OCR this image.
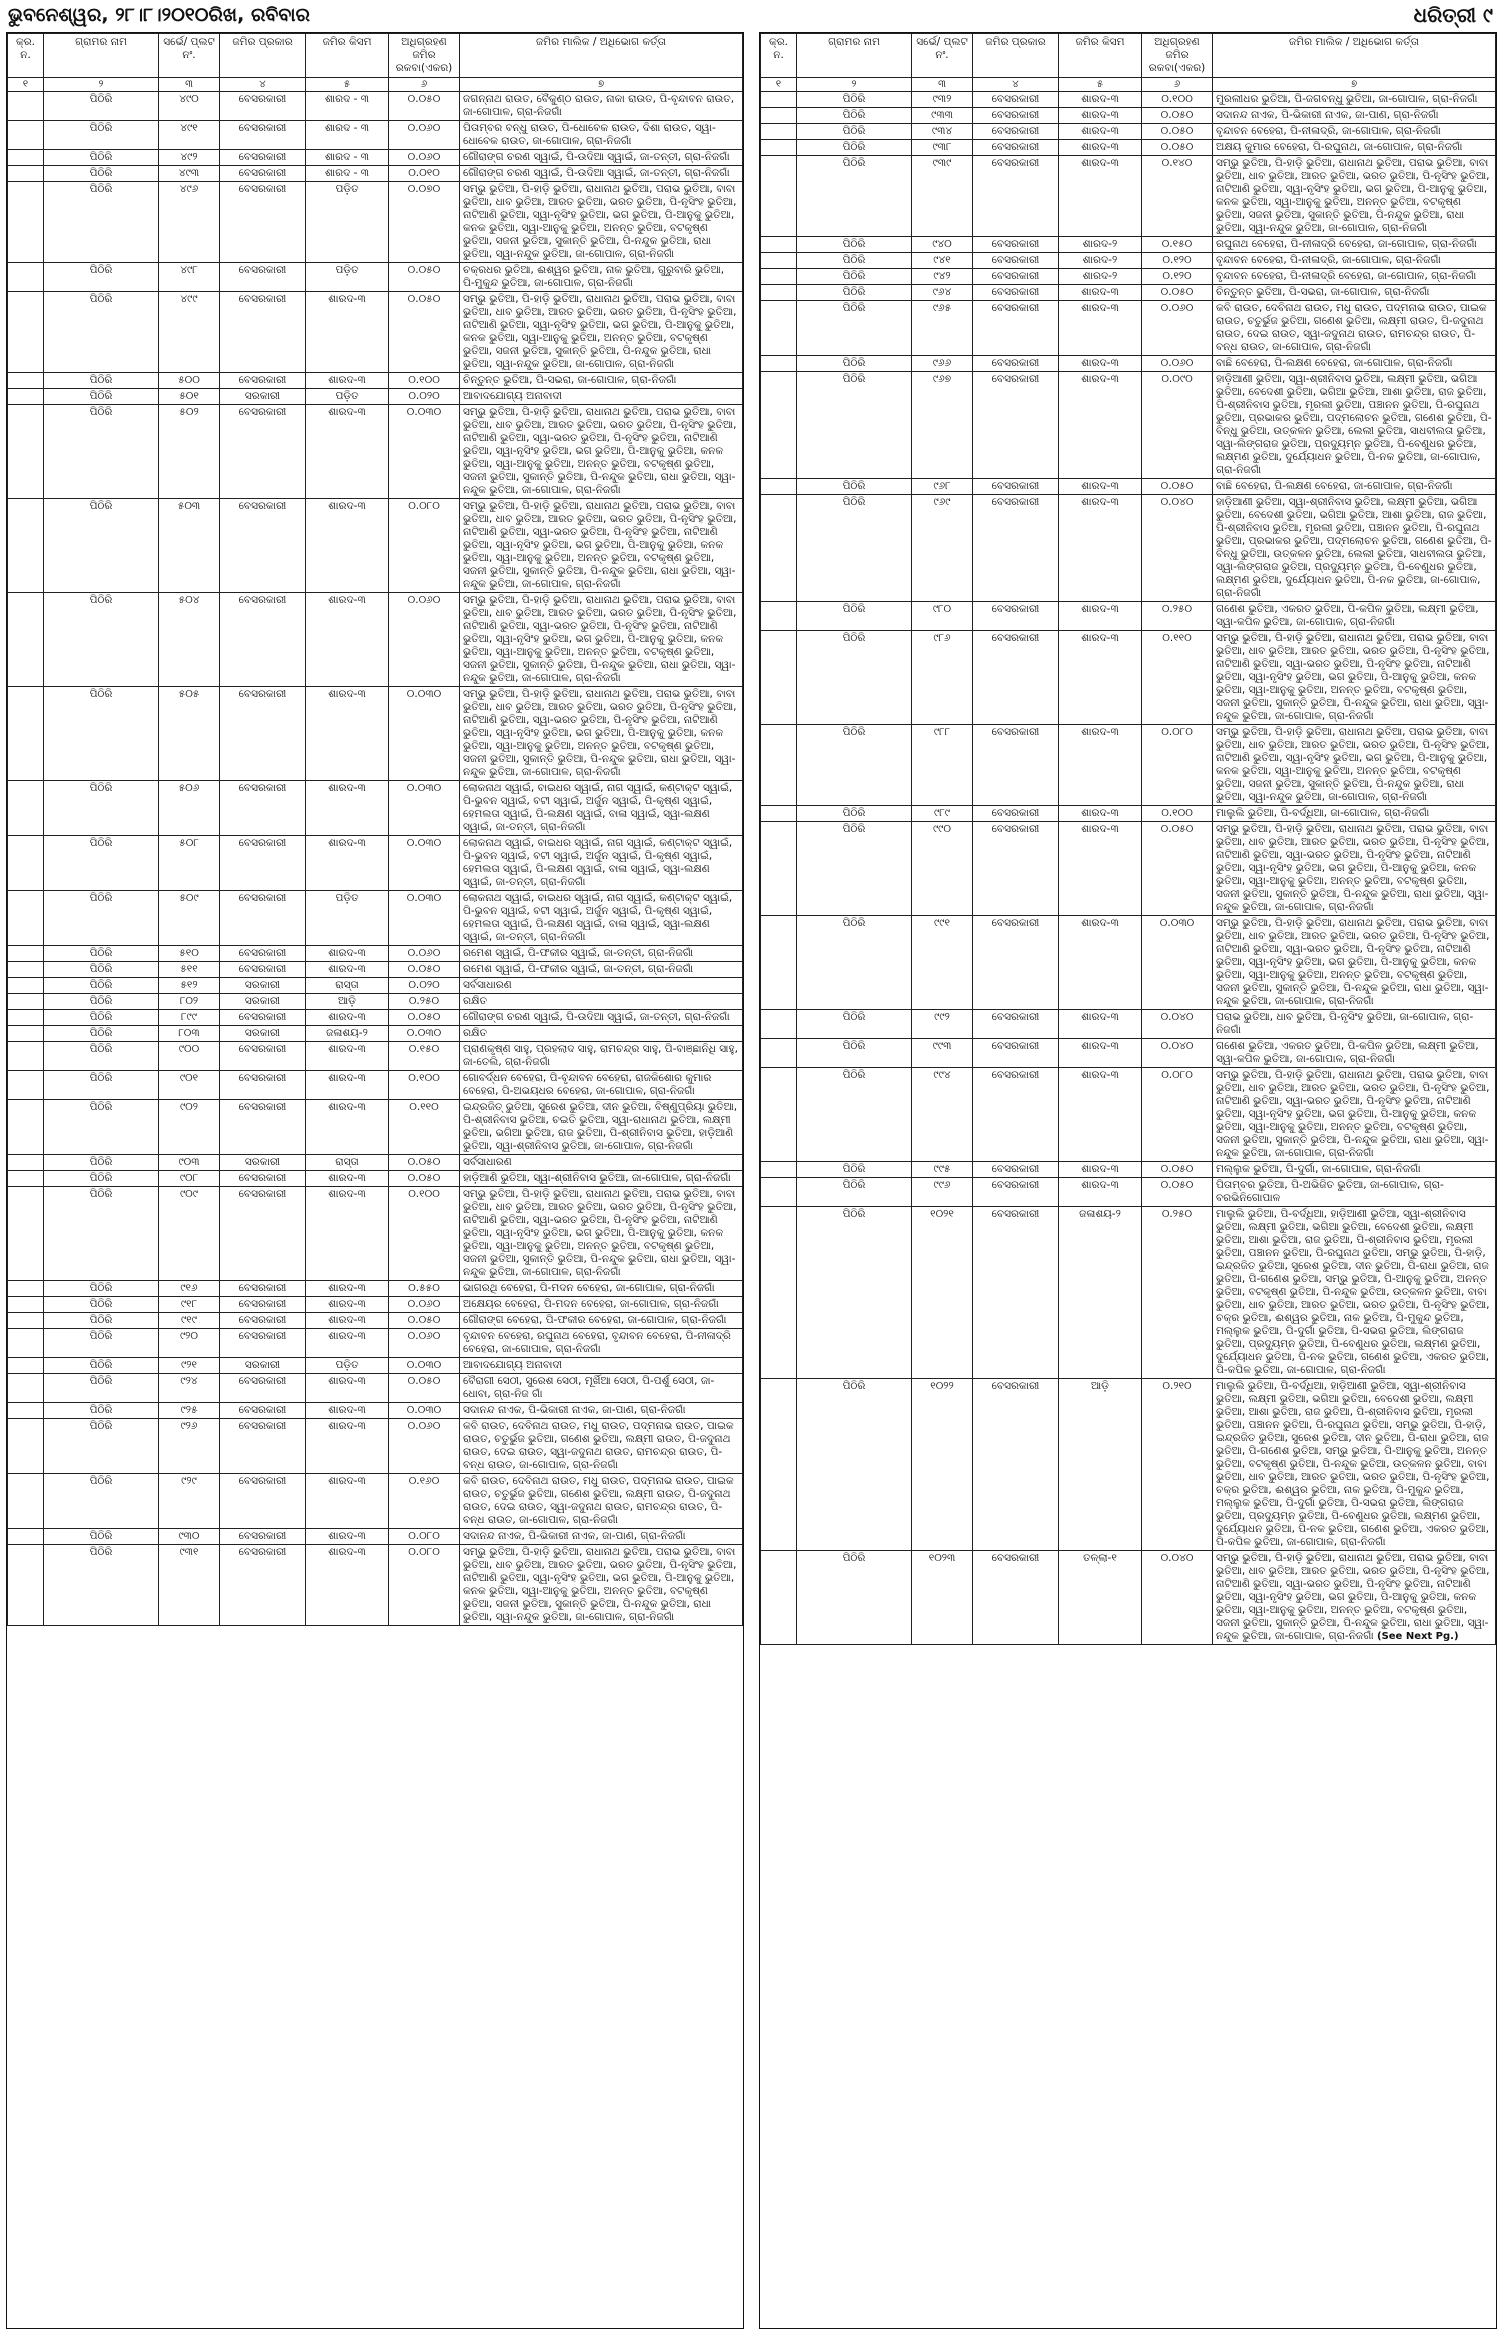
ଭୁବନେଶ୍ୱର, ୨୮।୮।୨୦୧୦ରିଖ, ରବିବାର	ଧରିତ୍ରୀ ୯
କ୍ର. ନ.	ଗ୍ରାମର ନାମ	ସର୍ଭେ/ ପ୍ଲଟ ନଂ.	ଜମିର ପ୍ରକାର	ଜମିର କିସମ	ଅଧିଗ୍ରହଣ ଜମିର ରକବା(ଏକର)	ଜମିର ମାଲିକ / ଅଧିଭୋଗ କର୍ତ୍ତା
୧	୨	୩	୪	୫	୬	୭
	ପିଠିରି	୪୯୦	ବେସରକାରୀ	ଶାରଦ - ୩	୦.୦୫୦	ଜଗନ୍ନାଥ ରାଉତ, ବୈକୁଣ୍ଠ ରାଉତ, ନାକା ରାଉତ, ପି-ବୃନ୍ଦାବନ ରାଉତ, ଜା-ଗୋପାଳ, ଗ୍ରା-ନିଜଗାଁ
	ପିଠିରି	୪୯୧	ବେସରକାରୀ	ଶାରଦ - ୩	୦.୦୬୦	ପିତାମ୍ବର ବନ୍ଧୁ ରାଉତ, ପି-ଧୋବେକ ରାଉତ, ଦିଶା ରାଉତ, ସ୍ୱା-ଧୋବେକ ରାଉତ, ଜା-ଗୋପାଳ, ଗ୍ରା-ନିଜଗାଁ
	ପିଠିରି	୪୯୨	ବେସରକାରୀ	ଶାରଦ - ୩	୦.୦୬୦	ଗୌରାଙ୍ଗ ଚରଣ ସ୍ୱାଇଁ, ପି-ଉଦିଆ ସ୍ୱାଇଁ, ଜା-ତନ୍ତୀ, ଗ୍ରା-ନିଜଗାଁ
	ପିଠିରି	୪୯୩	ବେସରକାରୀ	ଶାରଦ - ୩	୦.୦୧୦	ଗୌରାଙ୍ଗ ଚରଣ ସ୍ୱାଇଁ, ପି-ଉଦିଆ ସ୍ୱାଇଁ, ଜା-ତନ୍ତୀ, ଗ୍ରା-ନିଜଗାଁ
	ପିଠିରି	୪୯୬	ବେସରକାରୀ	ପଡ଼ିତ	୦.୦୭୦	ସମ୍ଭୁ ଭୁତିଆ, ପି-ହାଡ଼ି ଭୁତିଆ, ରାଧାନାଥ ଭୁତିଆ, ପରାଭ ଭୁତିଆ, ବାବା ଭୁତିଆ, ଧାବ ଭୁତିଆ, ଆରତ ଭୁତିଆ, ଭରତ ଭୁତିଆ, ପି-ନୃସିଂହ ଭୁତିଆ, ନାଟିଆଣି ଭୁତିଆ, ସ୍ୱା-ନୃସିଂହ ଭୁତିଆ, ଭଗ ଭୁତିଆ, ପି-ଆନୁକୁ ଭୁତିଆ, କନକ ଭୁତିଆ, ସ୍ୱା-ଆନୁକୁ ଭୁତିଆ, ଅନନ୍ତ ଭୁତିଆ, ବଟକୃଷ୍ଣ ଭୁତିଆ, ସଜନୀ ଭୁତିଆ, ସୁକାନ୍ତି ଭୁତିଆ, ପି-ନନ୍ଦୁକ ଭୁତିଆ, ରାଧା ଭୁତିଆ, ସ୍ୱା-ନନ୍ଦୁକ ଭୁତିଆ, ଜା-ଗୋପାଳ, ଗ୍ରା-ନିଜଗାଁ
	ପିଠିରି	୪୯୮	ବେସରକାରୀ	ପଡ଼ିତ	୦.୦୫୦	ଚକ୍ରଧର ଭୁତିଆ, ଈଶ୍ୱର ଭୁତିଆ, ନାକ ଭୁତିଆ, ଗୁରୁବାରି ଭୁତିଆ, ପି-ମୁକୁନ୍ଦ ଭୁତିଆ, ଜା-ଗୋପାଳ, ଗ୍ରା-ନିଜଗାଁ
	ପିଠିରି	୪୯୯	ବେସରକାରୀ	ଶାରଦ-୩	୦.୦୫୦	ସମ୍ଭୁ ଭୁତିଆ, ପି-ହାଡ଼ି ଭୁତିଆ, ରାଧାନାଥ ଭୁତିଆ, ପରାଭ ଭୁତିଆ, ବାବା ଭୁତିଆ, ଧାବ ଭୁତିଆ, ଆରତ ଭୁତିଆ, ଭରତ ଭୁତିଆ, ପି-ନୃସିଂହ ଭୁତିଆ, ନାଟିଆଣି ଭୁତିଆ, ସ୍ୱା-ନୃସିଂହ ଭୁତିଆ, ଭଗ ଭୁତିଆ, ପି-ଆନୁକୁ ଭୁତିଆ, କନକ ଭୁତିଆ, ସ୍ୱା-ଆନୁକୁ ଭୁତିଆ, ଅନନ୍ତ ଭୁତିଆ, ବଟକୃଷ୍ଣ ଭୁତିଆ, ସଜନୀ ଭୁତିଆ, ସୁକାନ୍ତି ଭୁତିଆ, ପି-ନନ୍ଦୁକ ଭୁତିଆ, ରାଧା ଭୁତିଆ, ସ୍ୱା-ନନ୍ଦୁକ ଭୁତିଆ, ଜା-ଗୋପାଳ, ଗ୍ରା-ନିଜଗାଁ
	ପିଠିରି	୫୦୦	ବେସରକାରୀ	ଶାରଦ-୩	୦.୧୦୦	ଚିନ୍ତୁନ୍ତ ଭୁତିଆ, ପି-ସଭରା, ଜା-ଗୋପାଳ, ଗ୍ରା-ନିଜଗାଁ
	ପିଠିରି	୫୦୧	ସରକାରୀ	ପଡ଼ିତ	୦.୦୨୦	ଆବାଦଯୋଗ୍ୟ ଅନାବାଦୀ
	ପିଠିରି	୫୦୨	ବେସରକାରୀ	ଶାରଦ-୩	୦.୦୩୦	ସମ୍ଭୁ ଭୁତିଆ, ପି-ହାଡ଼ି ଭୁତିଆ, ରାଧାନାଥ ଭୁତିଆ, ପରାଭ ଭୁତିଆ, ବାବା ଭୁତିଆ, ଧାବ ଭୁତିଆ, ଆରତ ଭୁତିଆ, ଭରତ ଭୁତିଆ, ପି-ନୃସିଂହ ଭୁତିଆ, ନାଟିଆଣି ଭୁତିଆ, ସ୍ୱା-ଭରତ ଭୁତିଆ, ପି-ନୃସିଂହ ଭୁତିଆ, ନାଟିଆଣି ଭୁତିଆ, ସ୍ୱା-ନୃସିଂହ ଭୁତିଆ, ଭଗ ଭୁତିଆ, ପି-ଆନୁକୁ ଭୁତିଆ, କନକ ଭୁତିଆ, ସ୍ୱା-ଆନୁକୁ ଭୁତିଆ, ଅନନ୍ତ ଭୁତିଆ, ବଟକୃଷ୍ଣ ଭୁତିଆ, ସଜନୀ ଭୁତିଆ, ସୁକାନ୍ତି ଭୁତିଆ, ପି-ନନ୍ଦୁକ ଭୁତିଆ, ରାଧା ଭୁତିଆ, ସ୍ୱା-ନନ୍ଦୁକ ଭୁତିଆ, ଜା-ଗୋପାଳ, ଗ୍ରା-ନିଜଗାଁ
	ପିଠିରି	୫୦୩	ବେସରକାରୀ	ଶାରଦ-୩	୦.୦୮୦	ସମ୍ଭୁ ଭୁତିଆ, ପି-ହାଡ଼ି ଭୁତିଆ, ରାଧାନାଥ ଭୁତିଆ, ପରାଭ ଭୁତିଆ, ବାବା ଭୁତିଆ, ଧାବ ଭୁତିଆ, ଆରତ ଭୁତିଆ, ଭରତ ଭୁତିଆ, ପି-ନୃସିଂହ ଭୁତିଆ, ନାଟିଆଣି ଭୁତିଆ, ସ୍ୱା-ଭରତ ଭୁତିଆ, ପି-ନୃସିଂହ ଭୁତିଆ, ନାଟିଆଣି ଭୁତିଆ, ସ୍ୱା-ନୃସିଂହ ଭୁତିଆ, ଭଗ ଭୁତିଆ, ପି-ଆନୁକୁ ଭୁତିଆ, କନକ ଭୁତିଆ, ସ୍ୱା-ଆନୁକୁ ଭୁତିଆ, ଅନନ୍ତ ଭୁତିଆ, ବଟକୃଷ୍ଣ ଭୁତିଆ, ସଜନୀ ଭୁତିଆ, ସୁକାନ୍ତି ଭୁତିଆ, ପି-ନନ୍ଦୁକ ଭୁତିଆ, ରାଧା ଭୁତିଆ, ସ୍ୱା-ନନ୍ଦୁକ ଭୁତିଆ, ଜା-ଗୋପାଳ, ଗ୍ରା-ନିଜଗାଁ
	ପିଠିରି	୫୦୪	ବେସରକାରୀ	ଶାରଦ-୩	୦.୦୬୦	ସମ୍ଭୁ ଭୁତିଆ, ପି-ହାଡ଼ି ଭୁତିଆ, ରାଧାନାଥ ଭୁତିଆ, ପରାଭ ଭୁତିଆ, ବାବା ଭୁତିଆ, ଧାବ ଭୁତିଆ, ଆରତ ଭୁତିଆ, ଭରତ ଭୁତିଆ, ପି-ନୃସିଂହ ଭୁତିଆ, ନାଟିଆଣି ଭୁତିଆ, ସ୍ୱା-ଭରତ ଭୁତିଆ, ପି-ନୃସିଂହ ଭୁତିଆ, ନାଟିଆଣି ଭୁତିଆ, ସ୍ୱା-ନୃସିଂହ ଭୁତିଆ, ଭଗ ଭୁତିଆ, ପି-ଆନୁକୁ ଭୁତିଆ, କନକ ଭୁତିଆ, ସ୍ୱା-ଆନୁକୁ ଭୁତିଆ, ଅନନ୍ତ ଭୁତିଆ, ବଟକୃଷ୍ଣ ଭୁତିଆ, ସଜନୀ ଭୁତିଆ, ସୁକାନ୍ତି ଭୁତିଆ, ପି-ନନ୍ଦୁକ ଭୁତିଆ, ରାଧା ଭୁତିଆ, ସ୍ୱା-ନନ୍ଦୁକ ଭୁତିଆ, ଜା-ଗୋପାଳ, ଗ୍ରା-ନିଜଗାଁ
	ପିଠିରି	୫୦୫	ବେସରକାରୀ	ଶାରଦ-୩	୦.୦୩୦	ସମ୍ଭୁ ଭୁତିଆ, ପି-ହାଡ଼ି ଭୁତିଆ, ରାଧାନାଥ ଭୁତିଆ, ପରାଭ ଭୁତିଆ, ବାବା ଭୁତିଆ, ଧାବ ଭୁତିଆ, ଆରତ ଭୁତିଆ, ଭରତ ଭୁତିଆ, ପି-ନୃସିଂହ ଭୁତିଆ, ନାଟିଆଣି ଭୁତିଆ, ସ୍ୱା-ଭରତ ଭୁତିଆ, ପି-ନୃସିଂହ ଭୁତିଆ, ନାଟିଆଣି ଭୁତିଆ, ସ୍ୱା-ନୃସିଂହ ଭୁତିଆ, ଭଗ ଭୁତିଆ, ପି-ଆନୁକୁ ଭୁତିଆ, କନକ ଭୁତିଆ, ସ୍ୱା-ଆନୁକୁ ଭୁତିଆ, ଅନନ୍ତ ଭୁତିଆ, ବଟକୃଷ୍ଣ ଭୁତିଆ, ସଜନୀ ଭୁତିଆ, ସୁକାନ୍ତି ଭୁତିଆ, ପି-ନନ୍ଦୁକ ଭୁତିଆ, ରାଧା ଭୁତିଆ, ସ୍ୱା-ନନ୍ଦୁକ ଭୁତିଆ, ଜା-ଗୋପାଳ, ଗ୍ରା-ନିଜଗାଁ
	ପିଠିରି	୫୦୬	ବେସରକାରୀ	ଶାରଦ-୩	୦.୦୩୦	ଲୋକନାଥ ସ୍ୱାଇଁ, ବାଇଧର ସ୍ୱାଇଁ, ନାଗ ସ୍ୱାଇଁ, କଣ୍ଟାକ୍ଟ ସ୍ୱାଇଁ, ପି-ଭୁବନ ସ୍ୱାଇଁ, ବଟୀ ସ୍ୱାଇଁ, ଅର୍ଜୁନ ସ୍ୱାଇଁ, ପି-କୃଷ୍ଣ ସ୍ୱାଇଁ, ହେମଲତା ସ୍ୱାଇଁ, ପି-ଲକ୍ଷଣ ସ୍ୱାଇଁ, ବାଳା ସ୍ୱାଇଁ, ସ୍ୱା-ଲକ୍ଷଣ ସ୍ୱାଇଁ, ଜା-ତନ୍ତୀ, ଗ୍ରା-ନିଜଗାଁ
	ପିଠିରି	୫୦୮	ବେସରକାରୀ	ଶାରଦ-୩	୦.୦୩୦	ଲୋକନାଥ ସ୍ୱାଇଁ, ବାଇଧର ସ୍ୱାଇଁ, ନାଗ ସ୍ୱାଇଁ, କଣ୍ଟାକ୍ଟ ସ୍ୱାଇଁ, ପି-ଭୁବନ ସ୍ୱାଇଁ, ବଟୀ ସ୍ୱାଇଁ, ଅର୍ଜୁନ ସ୍ୱାଇଁ, ପି-କୃଷ୍ଣ ସ୍ୱାଇଁ, ହେମଲତା ସ୍ୱାଇଁ, ପି-ଲକ୍ଷଣ ସ୍ୱାଇଁ, ବାଳା ସ୍ୱାଇଁ, ସ୍ୱା-ଲକ୍ଷଣ ସ୍ୱାଇଁ, ଜା-ତନ୍ତୀ, ଗ୍ରା-ନିଜଗାଁ
	ପିଠିରି	୫୦୯	ବେସରକାରୀ	ପଡ଼ିତ	୦.୦୩୦	ଲୋକନାଥ ସ୍ୱାଇଁ, ବାଇଧର ସ୍ୱାଇଁ, ନାଗ ସ୍ୱାଇଁ, କଣ୍ଟାକ୍ଟ ସ୍ୱାଇଁ, ପି-ଭୁବନ ସ୍ୱାଇଁ, ବଟୀ ସ୍ୱାଇଁ, ଅର୍ଜୁନ ସ୍ୱାଇଁ, ପି-କୃଷ୍ଣ ସ୍ୱାଇଁ, ହେମଲତା ସ୍ୱାଇଁ, ପି-ଲକ୍ଷଣ ସ୍ୱାଇଁ, ବାଳା ସ୍ୱାଇଁ, ସ୍ୱା-ଲକ୍ଷଣ ସ୍ୱାଇଁ, ଜା-ତନ୍ତୀ, ଗ୍ରା-ନିଜଗାଁ
	ପିଠିରି	୫୧୦	ବେସରକାରୀ	ଶାରଦ-୩	୦.୦୬୦	ରମେଶ ସ୍ୱାଇଁ, ପି-ଫକୀର ସ୍ୱାଇଁ, ଜା-ତନ୍ତୀ, ଗ୍ରା-ନିଜଗାଁ
	ପିଠିରି	୫୧୧	ବେସରକାରୀ	ଶାରଦ-୩	୦.୦୫୦	ରମେଶ ସ୍ୱାଇଁ, ପି-ଫକୀର ସ୍ୱାଇଁ, ଜା-ତନ୍ତୀ, ଗ୍ରା-ନିଜଗାଁ
	ପିଠିରି	୫୧୨	ସରକାରୀ	ରାସ୍ତା	୦.୦୨୦	ସର୍ବସାଧାରଣ
	ପିଠିରି	୮୦୨	ସରକାରୀ	ଆଡ଼ି	୦.୨୫୦	ରକ୍ଷିତ
	ପିଠିରି	୮୯୯	ବେସରକାରୀ	ଶାରଦ-୩	୦.୦୫୦	ଗୌରାଙ୍ଗ ଚରଣ ସ୍ୱାଇଁ, ପି-ଉଦିଆ ସ୍ୱାଇଁ, ଜା-ତନ୍ତୀ, ଗ୍ରା-ନିଜଗାଁ
	ପିଠିରି	୮୦୩	ସରକାରୀ	ଜଳାଶୟ-୨	୦.୦୩୦	ରକ୍ଷିତ
	ପିଠିରି	୯୦୦	ବେସରକାରୀ	ଶାରଦ-୩	୦.୧୫୦	ପ୍ରାଣକୃଷ୍ଣ ସାହୁ, ପ୍ରହଲାଦ ସାହୁ, ରାମଚନ୍ଦ୍ର ସାହୁ, ପି-ବାଞ୍ଛାନିଧି ସାହୁ, ଜା-ତେଲି, ଗ୍ରା-ନିଜଗାଁ
	ପିଠିରି	୯୦୧	ବେସରକାରୀ	ଶାରଦ-୩	୦.୧୦୦	ଗୋବର୍ଦ୍ଧନ ବେହେରା, ପି-ବୃନ୍ଦାବନ ବେହେରା, ରାଜକିଶୋର କୁମାର ବେହେରା, ପି-ଅଭୟଧର ବେହେରା, ଜା-ଗୋପାଳ, ଗ୍ରା-ନିଜଗାଁ
	ପିଠିରି	୯୦୨	ବେସରକାରୀ	ଶାରଦ-୩	୦.୧୧୦	ଇନ୍ଦ୍ରଜିତ୍ ଭୁତିଆ, ସୁରେଶ ଭୁତିଆ, ଦୀନ ଭୁତିଆ, ବିଷ୍ଣୁପ୍ରିୟା ଭୁତିଆ, ପି-ଶ୍ରୀନିବାସ ଭୁତିଆ, ଚଇତି ଭୁତିଆ, ସ୍ୱା-ରାଧାନାଥ ଭୁତିଆ, ଲକ୍ଷ୍ମୀ ଭୁତିଆ, ଭଗିଆ ଭୁତିଆ, ରାଜ ଭୁତିଆ, ପି-ଶ୍ରୀନିବାସ ଭୁତିଆ, ହାଡ଼ିଆଣି ଭୁତିଆ, ସ୍ୱା-ଶ୍ରୀନିବାସ ଭୁତିଆ, ଜା-ଗୋପାଳ, ଗ୍ରା-ନିଜଗାଁ
	ପିଠିରି	୯୦୩	ସରକାରୀ	ରାସ୍ତା	୦.୦୫୦	ସର୍ବସାଧାରଣ
	ପିଠିରି	୯୦୮	ବେସରକାରୀ	ଶାରଦ-୩	୦.୦୫୦	ହାଡ଼ିଆଣି ଭୁତିଆ, ସ୍ୱା-ଶ୍ରୀନିବାସ ଭୁତିଆ, ଜା-ଗୋପାଳ, ଗ୍ରା-ନିଜଗାଁ
	ପିଠିରି	୯୦୯	ବେସରକାରୀ	ଶାରଦ-୩	୦.୧୦୦	ସମ୍ଭୁ ଭୁତିଆ, ପି-ହାଡ଼ି ଭୁତିଆ, ରାଧାନାଥ ଭୁତିଆ, ପରାଭ ଭୁତିଆ, ବାବା ଭୁତିଆ, ଧାବ ଭୁତିଆ, ଆରତ ଭୁତିଆ, ଭରତ ଭୁତିଆ, ପି-ନୃସିଂହ ଭୁତିଆ, ନାଟିଆଣି ଭୁତିଆ, ସ୍ୱା-ଭରତ ଭୁତିଆ, ପି-ନୃସିଂହ ଭୁତିଆ, ନାଟିଆଣି ଭୁତିଆ, ସ୍ୱା-ନୃସିଂହ ଭୁତିଆ, ଭଗ ଭୁତିଆ, ପି-ଆନୁକୁ ଭୁତିଆ, କନକ ଭୁତିଆ, ସ୍ୱା-ଆନୁକୁ ଭୁତିଆ, ଅନନ୍ତ ଭୁତିଆ, ବଟକୃଷ୍ଣ ଭୁତିଆ, ସଜନୀ ଭୁତିଆ, ସୁକାନ୍ତି ଭୁତିଆ, ପି-ନନ୍ଦୁକ ଭୁତିଆ, ରାଧା ଭୁତିଆ, ସ୍ୱା-ନନ୍ଦୁକ ଭୁତିଆ, ଜା-ଗୋପାଳ, ଗ୍ରା-ନିଜଗାଁ
	ପିଠିରି	୯୧୬	ବେସରକାରୀ	ଶାରଦ-୩	୦.୫୫୦	ଭାଗରଥି ବେହେରା, ପି-ମଦନ ବେହେରା, ଜା-ଗୋପାଳ, ଗ୍ରା-ନିଜଗାଁ
	ପିଠିରି	୯୧୮	ବେସରକାରୀ	ଶାରଦ-୩	୦.୦୬୦	ଅକ୍ଷେୟର ବେହେରା, ପି-ମଦନ ବେହେରା, ଜା-ଗୋପାଳ, ଗ୍ରା-ନିଜଗାଁ
	ପିଠିରି	୯୧୯	ବେସରକାରୀ	ଶାରଦ-୩	୦.୦୫୦	ଗୌରାଙ୍ଗ ବେହେରା, ପି-ଫକୀର ବେହେରା, ଜା-ଗୋପାଳ, ଗ୍ରା-ନିଜଗାଁ
	ପିଠିରି	୯୨୦	ବେସରକାରୀ	ଶାରଦ-୩	୦.୦୬୦	ବୃନ୍ଦାବନ ବେହେରା, ରଘୁନାଥ ବେହେରା, ବୃନ୍ଦାବନ ବେହେରା, ପି-ନୀଳାଦ୍ରି ବେହେରା, ଜା-ଗୋପାଳ, ଗ୍ରା-ନିଜଗାଁ
	ପିଠିରି	୯୨୧	ସରକାରୀ	ପଡ଼ିତ	୦.୦୩୦	ଆବାଦଯୋଗ୍ୟ ଅନାବାଦୀ
	ପିଠିରି	୯୨୪	ବେସରକାରୀ	ଶାରଦ-୩	୦.୦୫୦	ବୈରାଗୀ ସେଠୀ, ସୁରେଶ ସେଠୀ, ମୂର୍ଖିଆ ସେଠୀ, ପି-ପର୍ଶୁ ସେଠୀ, ଜା-ଧୋବା, ଗ୍ରା-ନିଜ ଗାଁ
	ପିଠିରି	୯୨୫	ବେସରକାରୀ	ଶାରଦ-୩	୦.୦୩୦	ସଦାନନ୍ଦ ନାଏକ, ପି-ଭିକାରୀ ନାଏକ, ଜା-ପାଣ, ଗ୍ରା-ନିଜଗାଁ
	ପିଠିରି	୯୨୬	ବେସରକାରୀ	ଶାରଦ-୩	୦.୦୬୦	କବି ରାଉତ, ଦେବିନାଥ ରାଉତ, ମଧୁ ରାଉତ, ପଦ୍ମନାଭ ରାଉତ, ପାଇକ ରାଉତ, ଚତୁର୍ଭୁଜ ଭୁତିଆ, ଗଣେଶ ଭୁତିଆ, ଲକ୍ଷ୍ମୀ ରାଉତ, ପି-ଜଦୁନାଥ ରାଉତ, ଦେଇ ରାଉତ, ସ୍ୱା-ଜଦୁନାଥ ରାଉତ, ରାମଚନ୍ଦ୍ର ରାଉତ, ପି-ବନ୍ଧ ରାଉତ, ଜା-ଗୋପାଳ, ଗ୍ରା-ନିଜଗାଁ
	ପିଠିରି	୯୨୯	ବେସରକାରୀ	ଶାରଦ-୩	୦.୧୬୦	କବି ରାଉତ, ଦେବିନାଥ ରାଉତ, ମଧୁ ରାଉତ, ପଦ୍ମନାଭ ରାଉତ, ପାଇକ ରାଉତ, ଚତୁର୍ଭୁଜ ଭୁତିଆ, ଗଣେଶ ଭୁତିଆ, ଲକ୍ଷ୍ମୀ ରାଉତ, ପି-ଜଦୁନାଥ ରାଉତ, ଦେଇ ରାଉତ, ସ୍ୱା-ଜଦୁନାଥ ରାଉତ, ରାମଚନ୍ଦ୍ର ରାଉତ, ପି-ବନ୍ଧ ରାଉତ, ଜା-ଗୋପାଳ, ଗ୍ରା-ନିଜଗାଁ
	ପିଠିରି	୯୩୦	ବେସରକାରୀ	ଶାରଦ-୩	୦.୦୮୦	ସଦାନନ୍ଦ ନାଏକ, ପି-ଭିକାରୀ ନାଏକ, ଜା-ପାଣ, ଗ୍ରା-ନିଜଗାଁ
	ପିଠିରି	୯୩୧	ବେସରକାରୀ	ଶାରଦ-୩	୦.୦୮୦	ସମ୍ଭୁ ଭୁତିଆ, ପି-ହାଡ଼ି ଭୁତିଆ, ରାଧାନାଥ ଭୁତିଆ, ପରାଭ ଭୁତିଆ, ବାବା ଭୁତିଆ, ଧାବ ଭୁତିଆ, ଆରତ ଭୁତିଆ, ଭରତ ଭୁତିଆ, ପି-ନୃସିଂହ ଭୁତିଆ, ନାଟିଆଣି ଭୁତିଆ, ସ୍ୱା-ନୃସିଂହ ଭୁତିଆ, ଭଗ ଭୁତିଆ, ପି-ଆନୁକୁ ଭୁତିଆ, କନକ ଭୁତିଆ, ସ୍ୱା-ଆନୁକୁ ଭୁତିଆ, ଅନନ୍ତ ଭୁତିଆ, ବଟକୃଷ୍ଣ ଭୁତିଆ, ସଜନୀ ଭୁତିଆ, ସୁକାନ୍ତି ଭୁତିଆ, ପି-ନନ୍ଦୁକ ଭୁତିଆ, ରାଧା ଭୁତିଆ, ସ୍ୱା-ନନ୍ଦୁକ ଭୁତିଆ, ଜା-ଗୋପାଳ, ଗ୍ରା-ନିଜଗାଁ
କ୍ର. ନ.	ଗ୍ରାମର ନାମ	ସର୍ଭେ/ ପ୍ଲଟ ନଂ.	ଜମିର ପ୍ରକାର	ଜମିର କିସମ	ଅଧିଗ୍ରହଣ ଜମିର ରକବା(ଏକର)	ଜମିର ମାଲିକ / ଅଧିଭୋଗ କର୍ତ୍ତା
୧	୨	୩	୪	୫	୬	୭
	ପିଠିରି	୯୩୨	ବେସରକାରୀ	ଶାରଦ-୩	୦.୧୦୦	ମୁରଲୀଧର ଭୁତିଆ, ପି-ଜଗବନ୍ଧୁ ଭୁତିଆ, ଜା-ଗୋପାଳ, ଗ୍ରା-ନିଜଗାଁ
	ପିଠିରି	୯୩୩	ବେସରକାରୀ	ଶାରଦ-୩	୦.୦୫୦	ସଦାନନ୍ଦ ନାଏକ, ପି-ଭିକାରୀ ନାଏକ, ଜା-ପାଣ, ଗ୍ରା-ନିଜଗାଁ
	ପିଠିରି	୯୩୪	ବେସରକାରୀ	ଶାରଦ-୩	୦.୦୫୦	ବୃନ୍ଦାବନ ବେହେରା, ପି-ନୀଳାଦ୍ରି, ଜା-ଗୋପାଳ, ଗ୍ରା-ନିଜଗାଁ
	ପିଠିରି	୯୩୮	ବେସରକାରୀ	ଶାରଦ-୩	୦.୦୫୦	ଅକ୍ଷୟ କୁମାର ବେହେରା, ପି-ରଘୁନାଥ, ଜା-ଗୋପାଳ, ଗ୍ରା-ନିଜଗାଁ
	ପିଠିରି	୯୩୯	ବେସରକାରୀ	ଶାରଦ-୩	୦.୧୪୦	ସମ୍ଭୁ ଭୁତିଆ, ପି-ହାଡ଼ି ଭୁତିଆ, ରାଧାନାଥ ଭୁତିଆ, ପରାଭ ଭୁତିଆ, ବାବା ଭୁତିଆ, ଧାବ ଭୁତିଆ, ଆରତ ଭୁତିଆ, ଭରତ ଭୁତିଆ, ପି-ନୃସିଂହ ଭୁତିଆ, ନାଟିଆଣି ଭୁତିଆ, ସ୍ୱା-ନୃସିଂହ ଭୁତିଆ, ଭଗ ଭୁତିଆ, ପି-ଆନୁକୁ ଭୁତିଆ, କନକ ଭୁତିଆ, ସ୍ୱା-ଆନୁକୁ ଭୁତିଆ, ଅନନ୍ତ ଭୁତିଆ, ବଟକୃଷ୍ଣ ଭୁତିଆ, ସଜନୀ ଭୁତିଆ, ସୁକାନ୍ତି ଭୁତିଆ, ପି-ନନ୍ଦୁକ ଭୁତିଆ, ରାଧା ଭୁତିଆ, ସ୍ୱା-ନନ୍ଦୁକ ଭୁତିଆ, ଜା-ଗୋପାଳ, ଗ୍ରା-ନିଜଗାଁ
	ପିଠିରି	୯୪୦	ବେସରକାରୀ	ଶାରଦ-୨	୦.୧୫୦	ରଘୁନାଥ ବେହେରା, ପି-ନୀଳାଦ୍ରି ବେହେରା, ଜା-ଗୋପାଳ, ଗ୍ରା-ନିଜଗାଁ
	ପିଠିରି	୯୪୧	ବେସରକାରୀ	ଶାରଦ-୨	୦.୧୨୦	ବୃନ୍ଦାବନ ବେହେରା, ପି-ନୀଳାଦ୍ରି, ଜା-ଗୋପାଳ, ଗ୍ରା-ନିଜଗାଁ
	ପିଠିରି	୯୪୨	ବେସରକାରୀ	ଶାରଦ-୨	୦.୧୨୦	ବୃନ୍ଦାବନ ବେହେରା, ପି-ନୀଳାଦ୍ରି ବେହେରା, ଜା-ଗୋପାଳ, ଗ୍ରା-ନିଜଗାଁ
	ପିଠିରି	୯୬୪	ବେସରକାରୀ	ଶାରଦ-୩	୦.୦୫୦	ଚିନ୍ତୁନ୍ତ ଭୁତିଆ, ପି-ସଭରା, ଜା-ଗୋପାଳ, ଗ୍ରା-ନିଜଗାଁ
	ପିଠିରି	୯୬୫	ବେସରକାରୀ	ଶାରଦ-୩	୦.୦୬୦	କବି ରାଉତ, ଦେବିନାଥ ରାଉତ, ମଧୁ ରାଉତ, ପଦ୍ମନାଭ ରାଉତ, ପାଇକ ରାଉତ, ଚତୁର୍ଭୁଜ ଭୁତିଆ, ଗଣେଶ ଭୁତିଆ, ଲକ୍ଷ୍ମୀ ରାଉତ, ପି-ଜଦୁନାଥ ରାଉତ, ଦେଇ ରାଉତ, ସ୍ୱା-ଜଦୁନାଥ ରାଉତ, ରାମଚନ୍ଦ୍ର ରାଉତ, ପି-ବନ୍ଧ ରାଉତ, ଜା-ଗୋପାଳ, ଗ୍ରା-ନିଜଗାଁ
	ପିଠିରି	୯୬୬	ବେସରକାରୀ	ଶାରଦ-୩	୦.୦୬୦	ବାଛି ବେହେରା, ପି-ଲକ୍ଷଣ ବେହେରା, ଜା-ଗୋପାଳ, ଗ୍ରା-ନିଜଗାଁ
	ପିଠିରି	୯୬୭	ବେସରକାରୀ	ଶାରଦ-୩	୦.୦୯୦	ହାଡ଼ିଆଣୀ ଭୁତିଆ, ସ୍ୱା-ଶ୍ରୀନିବାସ ଭୁତିଆ, ଲକ୍ଷ୍ମୀ ଭୁତିଆ, ଭଗିଆ ଭୁତିଆ, ବେଦେଶୀ ଭୁତିଆ, ଭଗିଆ ଭୁତିଆ, ଆଶା ଭୁତିଆ, ରାଜ ଭୁତିଆ, ପି-ଶ୍ରୀନିବାସ ଭୁତିଆ, ମୃରଲୀ ଭୁତିଆ, ପଞ୍ଚାନନ ଭୁତିଆ, ପି-ରଘୁନାଥ ଭୁତିଆ, ପ୍ରଭାକର ଭୁତିଆ, ପଦ୍ମଲୋଚନ ଭୁତିଆ, ଗଣେଶ ଭୁତିଆ, ପି-ବିନ୍ଧୁ ଭୁତିଆ, ଉତ୍କଳନ ଭୁତିଆ, ଲେଲୀ ଭୁତିଆ, ସାଧବୀଲତା ଭୁତିଆ, ସ୍ୱା-ଲିଙ୍ଗରାଜ ଭୁତିଆ, ପ୍ରଦ୍ୟୁମ୍ନ ଭୁତିଆ, ପି-ବେଣୁଧର ଭୁତିଆ, ଲକ୍ଷ୍ମଣ ଭୁତିଆ, ଦୁର୍ଯ୍ୟୋଧନ ଭୁତିଆ, ପି-ନକ ଭୁତିଆ, ଜା-ଗୋପାଳ, ଗ୍ରା-ନିଜଗାଁ
	ପିଠିରି	୯୬୮	ବେସରକାରୀ	ଶାରଦ-୩	୦.୦୫୦	ବାଛି ବେହେରା, ପି-ଲକ୍ଷଣ ବେହେରା, ଜା-ଗୋପାଳ, ଗ୍ରା-ନିଜଗାଁ
	ପିଠିରି	୯୬୯	ବେସରକାରୀ	ଶାରଦ-୩	୦.୦୪୦	ହାଡ଼ିଆଣୀ ଭୁତିଆ, ସ୍ୱା-ଶ୍ରୀନିବାସ ଭୁତିଆ, ଲକ୍ଷ୍ମୀ ଭୁତିଆ, ଭଗିଆ ଭୁତିଆ, ବେଦେଶୀ ଭୁତିଆ, ଭଗିଆ ଭୁତିଆ, ଆଶା ଭୁତିଆ, ରାଜ ଭୁତିଆ, ପି-ଶ୍ରୀନିବାସ ଭୁତିଆ, ମୃରଲୀ ଭୁତିଆ, ପଞ୍ଚାନନ ଭୁତିଆ, ପି-ରଘୁନାଥ ଭୁତିଆ, ପ୍ରଭାକର ଭୁତିଆ, ପଦ୍ମଲୋଚନ ଭୁତିଆ, ଗଣେଶ ଭୁତିଆ, ପି-ବିନ୍ଧୁ ଭୁତିଆ, ଉତ୍କଳନ ଭୁତିଆ, ଲେଲୀ ଭୁତିଆ, ସାଧବୀଲତା ଭୁତିଆ, ସ୍ୱା-ଲିଙ୍ଗରାଜ ଭୁତିଆ, ପ୍ରଦ୍ୟୁମ୍ନ ଭୁତିଆ, ପି-ବେଣୁଧର ଭୁତିଆ, ଲକ୍ଷ୍ମଣ ଭୁତିଆ, ଦୁର୍ଯ୍ୟୋଧନ ଭୁତିଆ, ପି-ନକ ଭୁତିଆ, ଜା-ଗୋପାଳ, ଗ୍ରା-ନିଜଗାଁ
	ପିଠିରି	୯୮୦	ବେସରକାରୀ	ଶାରଦ-୩	୦.୨୫୦	ଗଣେଶ ଭୁତିଆ, ଏକରତ ଭୁତିଆ, ପି-କପିଳ ଭୁତିଆ, ଲକ୍ଷ୍ମୀ ଭୁତିଆ, ସ୍ୱା-କପିଳ ଭୁତିଆ, ଜା-ଗୋପାଳ, ଗ୍ରା-ନିଜଗାଁ
	ପିଠିରି	୯୮୬	ବେସରକାରୀ	ଶାରଦ-୩	୦.୧୧୦	ସମ୍ଭୁ ଭୁତିଆ, ପି-ହାଡ଼ି ଭୁତିଆ, ରାଧାନାଥ ଭୁତିଆ, ପରାଭ ଭୁତିଆ, ବାବା ଭୁତିଆ, ଧାବ ଭୁତିଆ, ଆରତ ଭୁତିଆ, ଭରତ ଭୁତିଆ, ପି-ନୃସିଂହ ଭୁତିଆ, ନାଟିଆଣି ଭୁତିଆ, ସ୍ୱା-ଭରତ ଭୁତିଆ, ପି-ନୃସିଂହ ଭୁତିଆ, ନାଟିଆଣି ଭୁତିଆ, ସ୍ୱା-ନୃସିଂହ ଭୁତିଆ, ଭଗ ଭୁତିଆ, ପି-ଆନୁକୁ ଭୁତିଆ, କନକ ଭୁତିଆ, ସ୍ୱା-ଆନୁକୁ ଭୁତିଆ, ଅନନ୍ତ ଭୁତିଆ, ବଟକୃଷ୍ଣ ଭୁତିଆ, ସଜନୀ ଭୁତିଆ, ସୁକାନ୍ତି ଭୁତିଆ, ପି-ନନ୍ଦୁକ ଭୁତିଆ, ରାଧା ଭୁତିଆ, ସ୍ୱା-ନନ୍ଦୁକ ଭୁତିଆ, ଜା-ଗୋପାଳ, ଗ୍ରା-ନିଜଗାଁ
	ପିଠିରି	୯୮୮	ବେସରକାରୀ	ଶାରଦ-୩	୦.୦୮୦	ସମ୍ଭୁ ଭୁତିଆ, ପି-ହାଡ଼ି ଭୁତିଆ, ରାଧାନାଥ ଭୁତିଆ, ପରାଭ ଭୁତିଆ, ବାବା ଭୁତିଆ, ଧାବ ଭୁତିଆ, ଆରତ ଭୁତିଆ, ଭରତ ଭୁତିଆ, ପି-ନୃସିଂହ ଭୁତିଆ, ନାଟିଆଣି ଭୁତିଆ, ସ୍ୱା-ନୃସିଂହ ଭୁତିଆ, ଭଗ ଭୁତିଆ, ପି-ଆନୁକୁ ଭୁତିଆ, କନକ ଭୁତିଆ, ସ୍ୱା-ଆନୁକୁ ଭୁତିଆ, ଅନନ୍ତ ଭୁତିଆ, ବଟକୃଷ୍ଣ ଭୁତିଆ, ସଜନୀ ଭୁତିଆ, ସୁକାନ୍ତି ଭୁତିଆ, ପି-ନନ୍ଦୁକ ଭୁତିଆ, ରାଧା ଭୁତିଆ, ସ୍ୱା-ନନ୍ଦୁକ ଭୁତିଆ, ଜା-ଗୋପାଳ, ଗ୍ରା-ନିଜଗାଁ
	ପିଠିରି	୯୮୯	ବେସରକାରୀ	ଶାରଦ-୩	୦.୧୦୦	ମାଲୁଲି ଭୁତିଆ, ପି-ବର୍ଦ୍ଧିଆ, ଜା-ଗୋପାଳ, ଗ୍ରା-ନିଜଗାଁ
	ପିଠିରି	୯୯୦	ବେସରକାରୀ	ଶାରଦ-୩	୦.୦୫୦	ସମ୍ଭୁ ଭୁତିଆ, ପି-ହାଡ଼ି ଭୁତିଆ, ରାଧାନାଥ ଭୁତିଆ, ପରାଭ ଭୁତିଆ, ବାବା ଭୁତିଆ, ଧାବ ଭୁତିଆ, ଆରତ ଭୁତିଆ, ଭରତ ଭୁତିଆ, ପି-ନୃସିଂହ ଭୁତିଆ, ନାଟିଆଣି ଭୁତିଆ, ସ୍ୱା-ଭରତ ଭୁତିଆ, ପି-ନୃସିଂହ ଭୁତିଆ, ନାଟିଆଣି ଭୁତିଆ, ସ୍ୱା-ନୃସିଂହ ଭୁତିଆ, ଭଗ ଭୁତିଆ, ପି-ଆନୁକୁ ଭୁତିଆ, କନକ ଭୁତିଆ, ସ୍ୱା-ଆନୁକୁ ଭୁତିଆ, ଅନନ୍ତ ଭୁତିଆ, ବଟକୃଷ୍ଣ ଭୁତିଆ, ସଜନୀ ଭୁତିଆ, ସୁକାନ୍ତି ଭୁତିଆ, ପି-ନନ୍ଦୁକ ଭୁତିଆ, ରାଧା ଭୁତିଆ, ସ୍ୱା-ନନ୍ଦୁକ ଭୁତିଆ, ଜା-ଗୋପାଳ, ଗ୍ରା-ନିଜଗାଁ
	ପିଠିରି	୯୯୧	ବେସରକାରୀ	ଶାରଦ-୩	୦.୦୩୦	ସମ୍ଭୁ ଭୁତିଆ, ପି-ହାଡ଼ି ଭୁତିଆ, ରାଧାନାଥ ଭୁତିଆ, ପରାଭ ଭୁତିଆ, ବାବା ଭୁତିଆ, ଧାବ ଭୁତିଆ, ଆରତ ଭୁତିଆ, ଭରତ ଭୁତିଆ, ପି-ନୃସିଂହ ଭୁତିଆ, ନାଟିଆଣି ଭୁତିଆ, ସ୍ୱା-ଭରତ ଭୁତିଆ, ପି-ନୃସିଂହ ଭୁତିଆ, ନାଟିଆଣି ଭୁତିଆ, ସ୍ୱା-ନୃସିଂହ ଭୁତିଆ, ଭଗ ଭୁତିଆ, ପି-ଆନୁକୁ ଭୁତିଆ, କନକ ଭୁତିଆ, ସ୍ୱା-ଆନୁକୁ ଭୁତିଆ, ଅନନ୍ତ ଭୁତିଆ, ବଟକୃଷ୍ଣ ଭୁତିଆ, ସଜନୀ ଭୁତିଆ, ସୁକାନ୍ତି ଭୁତିଆ, ପି-ନନ୍ଦୁକ ଭୁତିଆ, ରାଧା ଭୁତିଆ, ସ୍ୱା-ନନ୍ଦୁକ ଭୁତିଆ, ଜା-ଗୋପାଳ, ଗ୍ରା-ନିଜଗାଁ
	ପିଠିରି	୯୯୨	ବେସରକାରୀ	ଶାରଦ-୩	୦.୦୪୦	ପରାଭ ଭୁତିଆ, ଧାବ ଭୁତିଆ, ପି-ନୃସିଂହ ଭୁତିଆ, ଜା-ଗୋପାଳ, ଗ୍ରା-ନିଜଗାଁ
	ପିଠିରି	୯୯୩	ବେସରକାରୀ	ଶାରଦ-୩	୦.୦୪୦	ଗଣେଶ ଭୁତିଆ, ଏକରତ ଭୁତିଆ, ପି-କପିଳ ଭୁତିଆ, ଲକ୍ଷ୍ମୀ ଭୁତିଆ, ସ୍ୱା-କପିଳ ଭୁତିଆ, ଜା-ଗୋପାଳ, ଗ୍ରା-ନିଜଗାଁ
	ପିଠିରି	୯୯୪	ବେସରକାରୀ	ଶାରଦ-୩	୦.୦୮୦	ସମ୍ଭୁ ଭୁତିଆ, ପି-ହାଡ଼ି ଭୁତିଆ, ରାଧାନାଥ ଭୁତିଆ, ପରାଭ ଭୁତିଆ, ବାବା ଭୁତିଆ, ଧାବ ଭୁତିଆ, ଆରତ ଭୁତିଆ, ଭରତ ଭୁତିଆ, ପି-ନୃସିଂହ ଭୁତିଆ, ନାଟିଆଣି ଭୁତିଆ, ସ୍ୱା-ଭରତ ଭୁତିଆ, ପି-ନୃସିଂହ ଭୁତିଆ, ନାଟିଆଣି ଭୁତିଆ, ସ୍ୱା-ନୃସିଂହ ଭୁତିଆ, ଭଗ ଭୁତିଆ, ପି-ଆନୁକୁ ଭୁତିଆ, କନକ ଭୁତିଆ, ସ୍ୱା-ଆନୁକୁ ଭୁତିଆ, ଅନନ୍ତ ଭୁତିଆ, ବଟକୃଷ୍ଣ ଭୁତିଆ, ସଜନୀ ଭୁତିଆ, ସୁକାନ୍ତି ଭୁତିଆ, ପି-ନନ୍ଦୁକ ଭୁତିଆ, ରାଧା ଭୁତିଆ, ସ୍ୱା-ନନ୍ଦୁକ ଭୁତିଆ, ଜା-ଗୋପାଳ, ଗ୍ରା-ନିଜଗାଁ
	ପିଠିରି	୯୯୫	ବେସରକାରୀ	ଶାରଦ-୩	୦.୦୫୦	ମଲ୍ଲୁକ ଭୁତିଆ, ପି-ଦୁର୍ଗା, ଜା-ଗୋପାଳ, ଗ୍ରା-ନିଜଗାଁ
	ପିଠିରି	୯୯୬	ବେସରକାରୀ	ଶାରଦ-୩	୦.୦୫୦	ପିତାମ୍ବର ଭୁତିଆ, ପି-ଅଭିଜିତ ଭୁତିଆ, ଜା-ଗୋପାଳ, ଗ୍ରା-ବରଭିନିଗୋପାଳ
	ପିଠିରି	୧୦୨୧	ବେସରକାରୀ	ଜଳାଶୟ-୨	୦.୨୫୦	ମାଲୁଲି ଭୁତିଆ, ପି-ବର୍ଦ୍ଧିଆ, ହାଡ଼ିଆଣୀ ଭୁତିଆ, ସ୍ୱା-ଶ୍ରୀନିବାସ ଭୁତିଆ, ଲକ୍ଷ୍ମୀ ଭୁତିଆ, ଭଗିଆ ଭୁତିଆ, ବେଦେଶୀ ଭୁତିଆ, ଲକ୍ଷ୍ମୀ ଭୁତିଆ, ଆଶା ଭୁତିଆ, ରାଜ ଭୁତିଆ, ପି-ଶ୍ରୀନିବାସ ଭୁତିଆ, ମୃରଲୀ ଭୁତିଆ, ପଞ୍ଚାନନ ଭୁତିଆ, ପି-ରଘୁନାଥ ଭୁତିଆ, ସମ୍ଭୁ ଭୁତିଆ, ପି-ହାଡ଼ି, ଇନ୍ଦ୍ରଜିତ ଭୁତିଆ, ସୁରେଶ ଭୁତିଆ, ଦୀନ ଭୁତିଆ, ପି-ରାଧା ଭୁତିଆ, ରାଜ ଭୁତିଆ, ପି-ଗଣେଶ ଭୁତିଆ, ସମ୍ଭୁ ଭୁତିଆ, ପି-ଆନୁକୁ ଭୁତିଆ, ଅନନ୍ତ ଭୁତିଆ, ବଟକୃଷ୍ଣ ଭୁତିଆ, ପି-ନନ୍ଦୁକ ଭୁତିଆ, ଉତ୍କଳନ ଭୁତିଆ, ବାବା ଭୁତିଆ, ଧାବ ଭୁତିଆ, ଆରତ ଭୁତିଆ, ଭରତ ଭୁତିଆ, ପି-ନୃସିଂହ ଭୁତିଆ, ଚକ୍ର ଭୁତିଆ, ଈଶ୍ୱର ଭୁତିଆ, ନାକ ଭୁତିଆ, ପି-ମୁକୁନ୍ଦ ଭୁତିଆ, ମଲ୍ଲୁକ ଭୁତିଆ, ପି-ଦୁର୍ଗା ଭୁତିଆ, ପି-ସଭରା ଭୁତିଆ, ଲିଙ୍ଗରାଜ ଭୁତିଆ, ପ୍ରଦ୍ୟୁମ୍ନ ଭୁତିଆ, ପି-ବେଣୁଧର ଭୁତିଆ, ଲକ୍ଷ୍ମଣ ଭୁତିଆ, ଦୁର୍ଯ୍ୟୋଧନ ଭୁତିଆ, ପି-ନକ ଭୁତିଆ, ଗଣେଶ ଭୁତିଆ, ଏକରତ ଭୁତିଆ, ପି-କପିଳ ଭୁତିଆ, ଜା-ଗୋପାଳ, ଗ୍ରା-ନିଜଗାଁ
	ପିଠିରି	୧୦୨୨	ବେସରକାରୀ	ଆଡ଼ି	୦.୨୧୦	ମାଲୁଲି ଭୁତିଆ, ପି-ବର୍ଦ୍ଧିଆ, ହାଡ଼ିଆଣୀ ଭୁତିଆ, ସ୍ୱା-ଶ୍ରୀନିବାସ ଭୁତିଆ, ଲକ୍ଷ୍ମୀ ଭୁତିଆ, ଭଗିଆ ଭୁତିଆ, ବେଦେଶୀ ଭୁତିଆ, ଲକ୍ଷ୍ମୀ ଭୁତିଆ, ଆଶା ଭୁତିଆ, ରାଜ ଭୁତିଆ, ପି-ଶ୍ରୀନିବାସ ଭୁତିଆ, ମୃରଲୀ ଭୁତିଆ, ପଞ୍ଚାନନ ଭୁତିଆ, ପି-ରଘୁନାଥ ଭୁତିଆ, ସମ୍ଭୁ ଭୁତିଆ, ପି-ହାଡ଼ି, ଇନ୍ଦ୍ରଜିତ ଭୁତିଆ, ସୁରେଶ ଭୁତିଆ, ଦୀନ ଭୁତିଆ, ପି-ରାଧା ଭୁତିଆ, ରାଜ ଭୁତିଆ, ପି-ଗଣେଶ ଭୁତିଆ, ସମ୍ଭୁ ଭୁତିଆ, ପି-ଆନୁକୁ ଭୁତିଆ, ଅନନ୍ତ ଭୁତିଆ, ବଟକୃଷ୍ଣ ଭୁତିଆ, ପି-ନନ୍ଦୁକ ଭୁତିଆ, ଉତ୍କଳନ ଭୁତିଆ, ବାବା ଭୁତିଆ, ଧାବ ଭୁତିଆ, ଆରତ ଭୁତିଆ, ଭରତ ଭୁତିଆ, ପି-ନୃସିଂହ ଭୁତିଆ, ଚକ୍ର ଭୁତିଆ, ଈଶ୍ୱର ଭୁତିଆ, ନାକ ଭୁତିଆ, ପି-ମୁକୁନ୍ଦ ଭୁତିଆ, ମଲ୍ଲୁକ ଭୁତିଆ, ପି-ଦୁର୍ଗା ଭୁତିଆ, ପି-ସଭରା ଭୁତିଆ, ଲିଙ୍ଗରାଜ ଭୁତିଆ, ପ୍ରଦ୍ୟୁମ୍ନ ଭୁତିଆ, ପି-ବେଣୁଧର ଭୁତିଆ, ଲକ୍ଷ୍ମଣ ଭୁତିଆ, ଦୁର୍ଯ୍ୟୋଧନ ଭୁତିଆ, ପି-ନକ ଭୁତିଆ, ଗଣେଶ ଭୁତିଆ, ଏକରତ ଭୁତିଆ, ପି-କପିଳ ଭୁତିଆ, ଜା-ଗୋପାଳ, ଗ୍ରା-ନିଜଗାଁ
	ପିଠିରି	୧୦୨୩	ବେସରକାରୀ	ତଳ୍ଲା-୧	୦.୦୪୦	ସମ୍ଭୁ ଭୁତିଆ, ପି-ହାଡ଼ି ଭୁତିଆ, ରାଧାନାଥ ଭୁତିଆ, ପରାଭ ଭୁତିଆ, ବାବା ଭୁତିଆ, ଧାବ ଭୁତିଆ, ଆରତ ଭୁତିଆ, ଭରତ ଭୁତିଆ, ପି-ନୃସିଂହ ଭୁତିଆ, ନାଟିଆଣି ଭୁତିଆ, ସ୍ୱା-ଭରତ ଭୁତିଆ, ପି-ନୃସିଂହ ଭୁତିଆ, ନାଟିଆଣି ଭୁତିଆ, ସ୍ୱା-ନୃସିଂହ ଭୁତିଆ, ଭଗ ଭୁତିଆ, ପି-ଆନୁକୁ ଭୁତିଆ, କନକ ଭୁତିଆ, ସ୍ୱା-ଆନୁକୁ ଭୁତିଆ, ଅନନ୍ତ ଭୁତିଆ, ବଟକୃଷ୍ଣ ଭୁତିଆ, ସଜନୀ ଭୁତିଆ, ସୁକାନ୍ତି ଭୁତିଆ, ପି-ନନ୍ଦୁକ ଭୁତିଆ, ରାଧା ଭୁତିଆ, ସ୍ୱା-ନନ୍ଦୁକ ଭୁତିଆ, ଜା-ଗୋପାଳ, ଗ୍ରା-ନିଜଗାଁ (See Next Pg.)
